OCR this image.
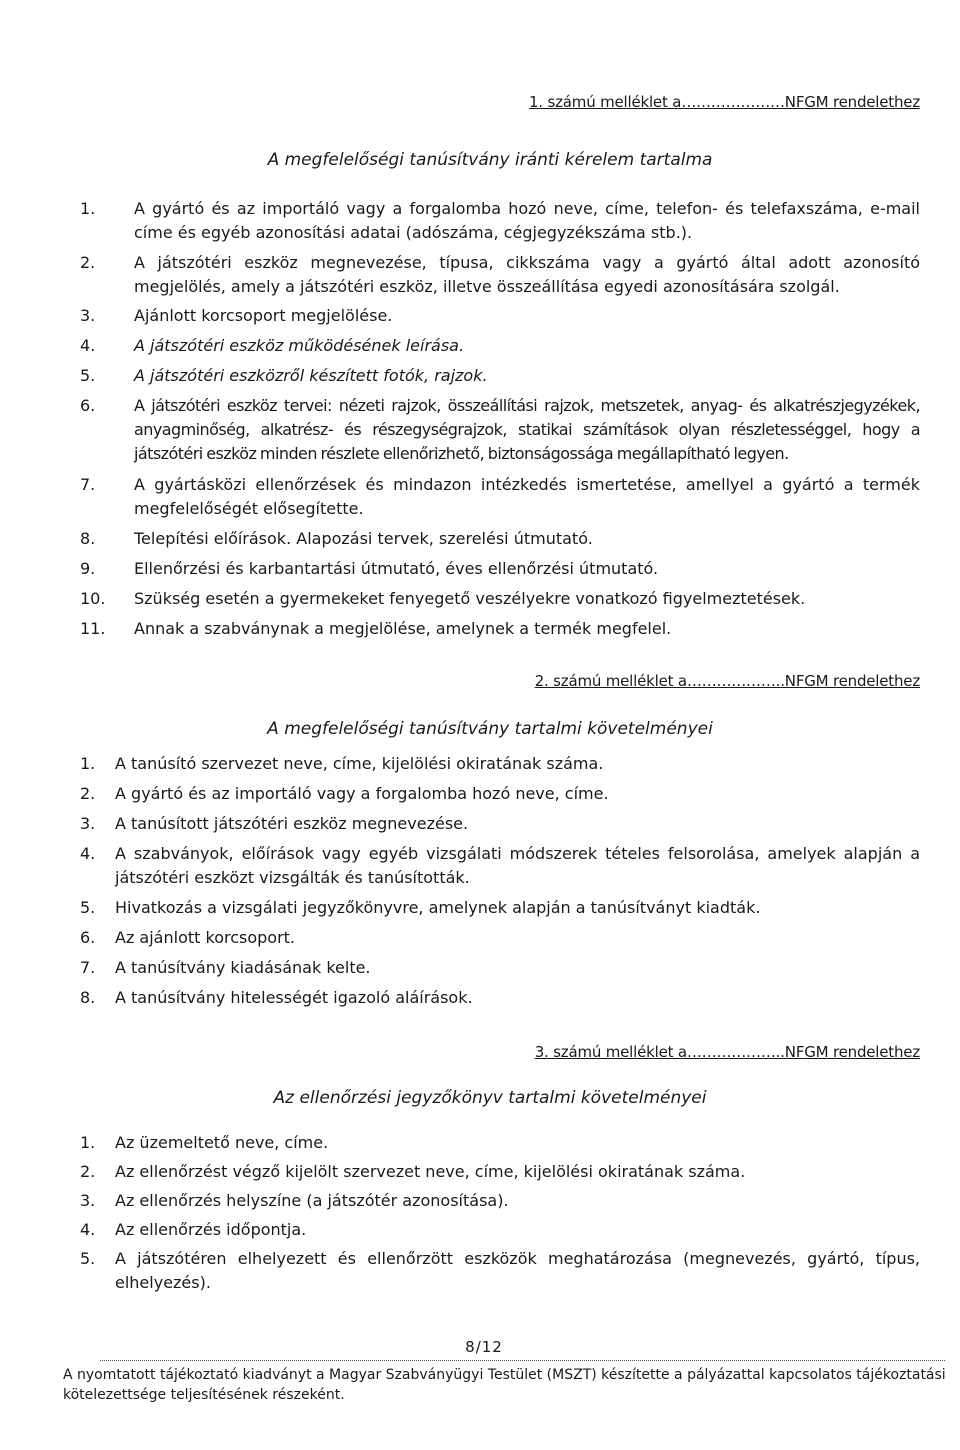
1. számú melléklet a…………………NFGM rendelethez
A megfelelőségi tanúsítvány iránti kérelem tartalma
1. A gyártó és az importáló vagy a forgalomba hozó neve, címe, telefon- és telefaxszáma, e-mail címe és egyéb azonosítási adatai (adószáma, cégjegyzékszáma stb.).
2. A játszótéri eszköz megnevezése, típusa, cikkszáma vagy a gyártó által adott azonosító megjelölés, amely a játszótéri eszköz, illetve összeállítása egyedi azonosítására szolgál.
3. Ajánlott korcsoport megjelölése.
4. A játszótéri eszköz működésének leírása.
5. A játszótéri eszközről készített fotók, rajzok.
6. A játszótéri eszköz tervei: nézeti rajzok, összeállítási rajzok, metszetek, anyag- és alkatrészjegyzékek, anyagminőség, alkatrész- és részegységrajzok, statikai számítások olyan részletességgel, hogy a játszótéri eszköz minden részlete ellenőrizhető, biztonságossága megállapítható legyen.
7. A gyártásközi ellenőrzések és mindazon intézkedés ismertetése, amellyel a gyártó a termék megfelelőségét elősegítette.
8. Telepítési előírások. Alapozási tervek, szerelési útmutató.
9. Ellenőrzési és karbantartási útmutató, éves ellenőrzési útmutató.
10. Szükség esetén a gyermekeket fenyegető veszélyekre vonatkozó figyelmeztetések.
11. Annak a szabványnak a megjelölése, amelynek a termék megfelel.
2. számú melléklet a………………..NFGM rendelethez
A megfelelőségi tanúsítvány tartalmi követelményei
1. A tanúsító szervezet neve, címe, kijelölési okiratának száma.
2. A gyártó és az importáló vagy a forgalomba hozó neve, címe.
3. A tanúsított játszótéri eszköz megnevezése.
4. A szabványok, előírások vagy egyéb vizsgálati módszerek tételes felsorolása, amelyek alapján a játszótéri eszközt vizsgálták és tanúsították.
5. Hivatkozás a vizsgálati jegyzőkönyvre, amelynek alapján a tanúsítványt kiadták.
6. Az ajánlott korcsoport.
7. A tanúsítvány kiadásának kelte.
8. A tanúsítvány hitelességét igazoló aláírások.
3. számú melléklet a………………..NFGM rendelethez
Az ellenőrzési jegyzőkönyv tartalmi követelményei
1. Az üzemeltető neve, címe.
2. Az ellenőrzést végző kijelölt szervezet neve, címe, kijelölési okiratának száma.
3. Az ellenőrzés helyszíne (a játszótér azonosítása).
4. Az ellenőrzés időpontja.
5. A játszótéren elhelyezett és ellenőrzött eszközök meghatározása (megnevezés, gyártó, típus, elhelyezés).
8/12
A nyomtatott tájékoztató kiadványt a Magyar Szabványügyi Testület (MSZT) készítette a pályázattal kapcsolatos tájékoztatási kötelezettsége teljesítésének részeként.
